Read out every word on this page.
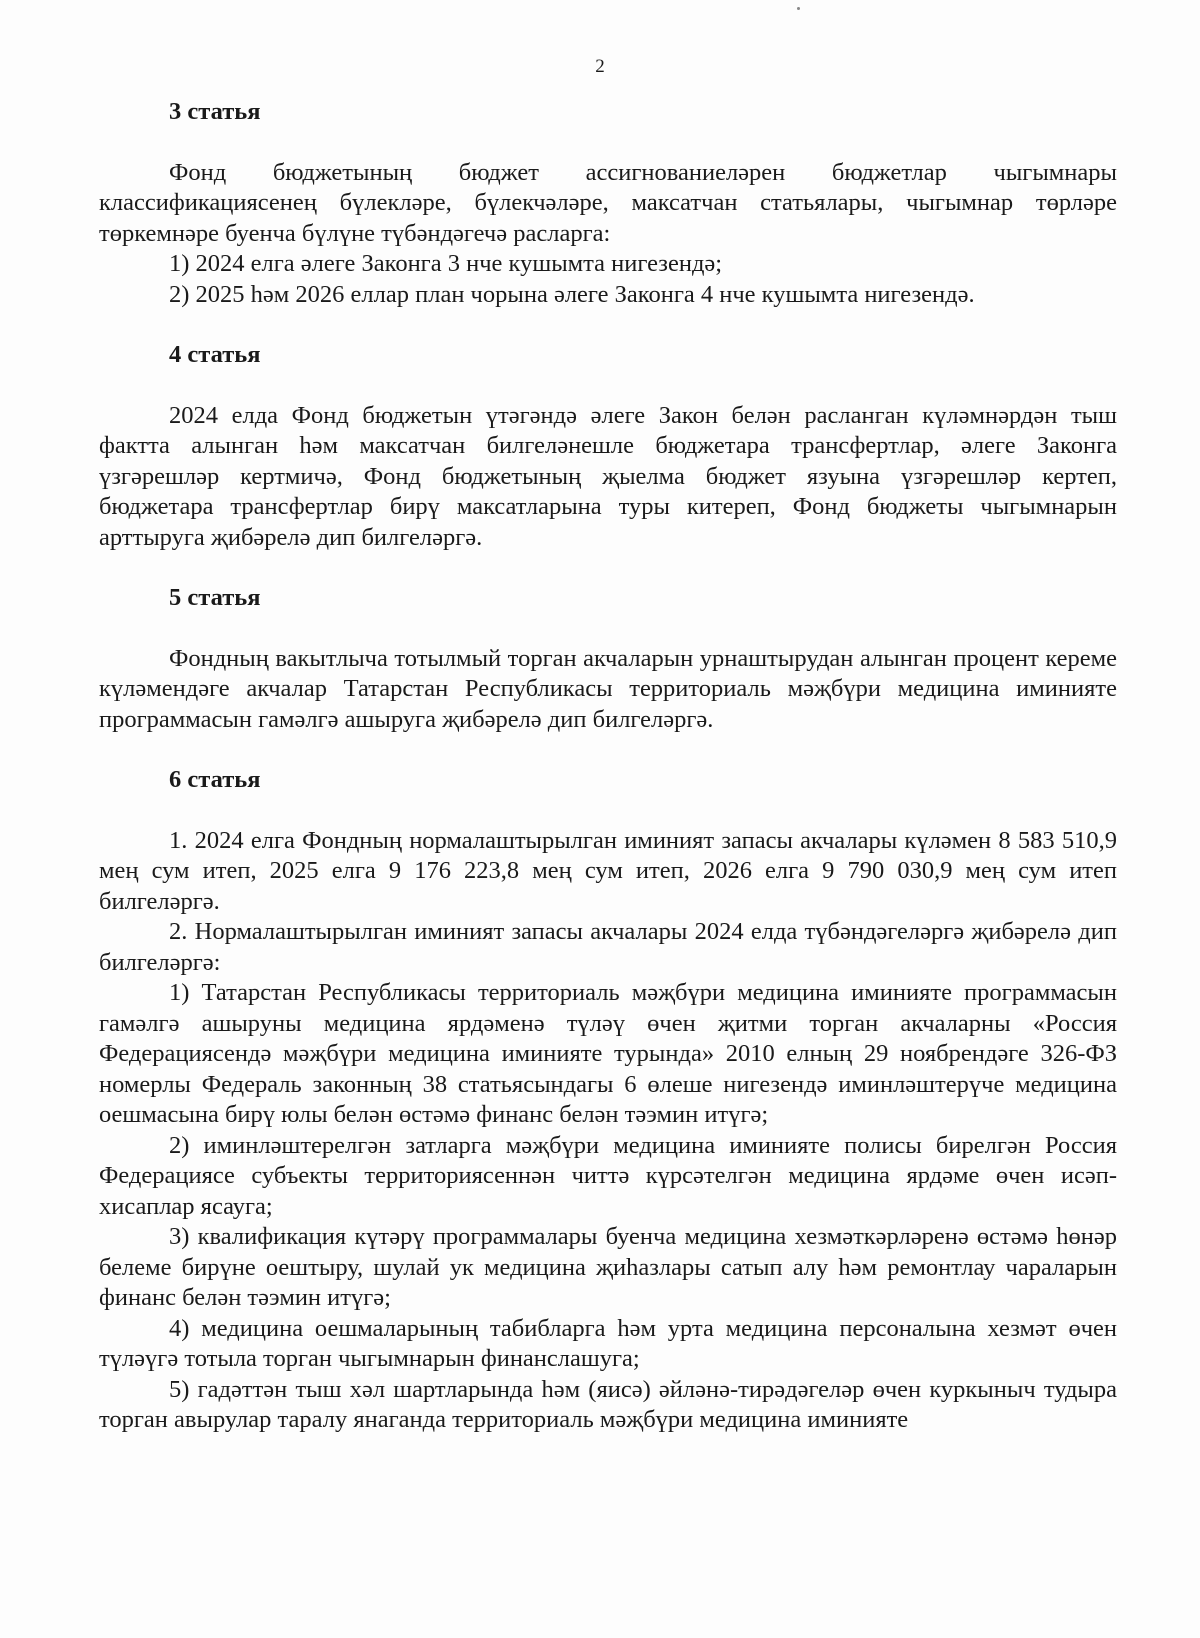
2

3 статья

Фонд бюджетының бюджет ассигнованиеләрен бюджетлар чыгымнары классификациясенең бүлекләре, бүлекчәләре, максатчан статьялары, чыгымнар төрләре төркемнәре буенча бүлүне түбәндәгечә расларга:

1) 2024 елга әлеге Законга 3 нче кушымта нигезендә;

2) 2025 һәм 2026 еллар план чорына әлеге Законга 4 нче кушымта нигезендә.

4 статья

2024 елда Фонд бюджетын үтәгәндә әлеге Закон белән расланган күләмнәрдән тыш фактта алынган һәм максатчан билгеләнешле бюджетара трансфертлар, әлеге Законга үзгәрешләр кертмичә, Фонд бюджетының җыелма бюджет язуына үзгәрешләр кертеп, бюджетара трансфертлар бирү максатларына туры китереп, Фонд бюджеты чыгымнарын арттыруга җибәрелә дип билгеләргә.

5 статья

Фондның вакытлыча тотылмый торган акчаларын урнаштырудан алынган процент кереме күләмендәге акчалар Татарстан Республикасы территориаль мәҗбүри медицина иминияте программасын гамәлгә ашыруга җибәрелә дип билгеләргә.

6 статья

1. 2024 елга Фондның нормалаштырылган иминият запасы акчалары күләмен 8 583 510,9 мең сум итеп, 2025 елга 9 176 223,8 мең сум итеп, 2026 елга 9 790 030,9 мең сум итеп билгеләргә.

2. Нормалаштырылган иминият запасы акчалары 2024 елда түбәндәгеләргә җибәрелә дип билгеләргә:

1) Татарстан Республикасы территориаль мәҗбүри медицина иминияте программасын гамәлгә ашыруны медицина ярдәменә түләү өчен җитми торган акчаларны «Россия Федерациясендә мәҗбүри медицина иминияте турында» 2010 елның 29 ноябрендәге 326-ФЗ номерлы Федераль законның 38 статьясындагы 6 өлеше нигезендә иминләштерүче медицина оешмасына бирү юлы белән өстәмә финанс белән тәэмин итүгә;

2) иминләштерелгән затларга мәҗбүри медицина иминияте полисы бирелгән Россия Федерациясе субъекты территориясеннән читтә күрсәтелгән медицина ярдәме өчен исәп-хисаплар ясауга;

3) квалификация күтәрү программалары буенча медицина хезмәткәрләренә өстәмә һөнәр белеме бирүне оештыру, шулай ук медицина җиһазлары сатып алу һәм ремонтлау чараларын финанс белән тәэмин итүгә;

4) медицина оешмаларының табибларга һәм урта медицина персоналына хезмәт өчен түләүгә тотыла торган чыгымнарын финанслашуга;

5) гадәттән тыш хәл шартларында һәм (яисә) әйләнә-тирәдәгеләр өчен куркыныч тудыра торган авырулар таралу янаганда территориаль мәҗбүри медицина иминияте
